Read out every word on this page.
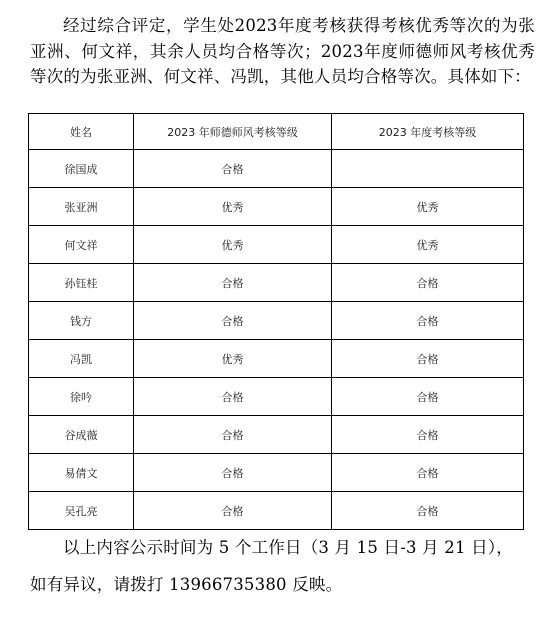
经过综合评定，学生处2023年度考核获得考核优秀等次的为张亚洲、何文祥，其余人员均合格等次；2023年度师德师风考核优秀等次的为张亚洲、何文祥、冯凯，其他人员均合格等次。具体如下：
姓名	2023 年师德师风考核等级	2023 年度考核等级
徐国成	合格	
张亚洲	优秀	优秀
何文祥	优秀	优秀
孙钰桂	合格	合格
钱方	合格	合格
冯凯	优秀	合格
徐吟	合格	合格
谷成薇	合格	合格
易倩文	合格	合格
吴孔亮	合格	合格
以上内容公示时间为 5 个工作日（3 月 15 日-3 月 21 日），
如有异议，请拨打 13966735380 反映。
